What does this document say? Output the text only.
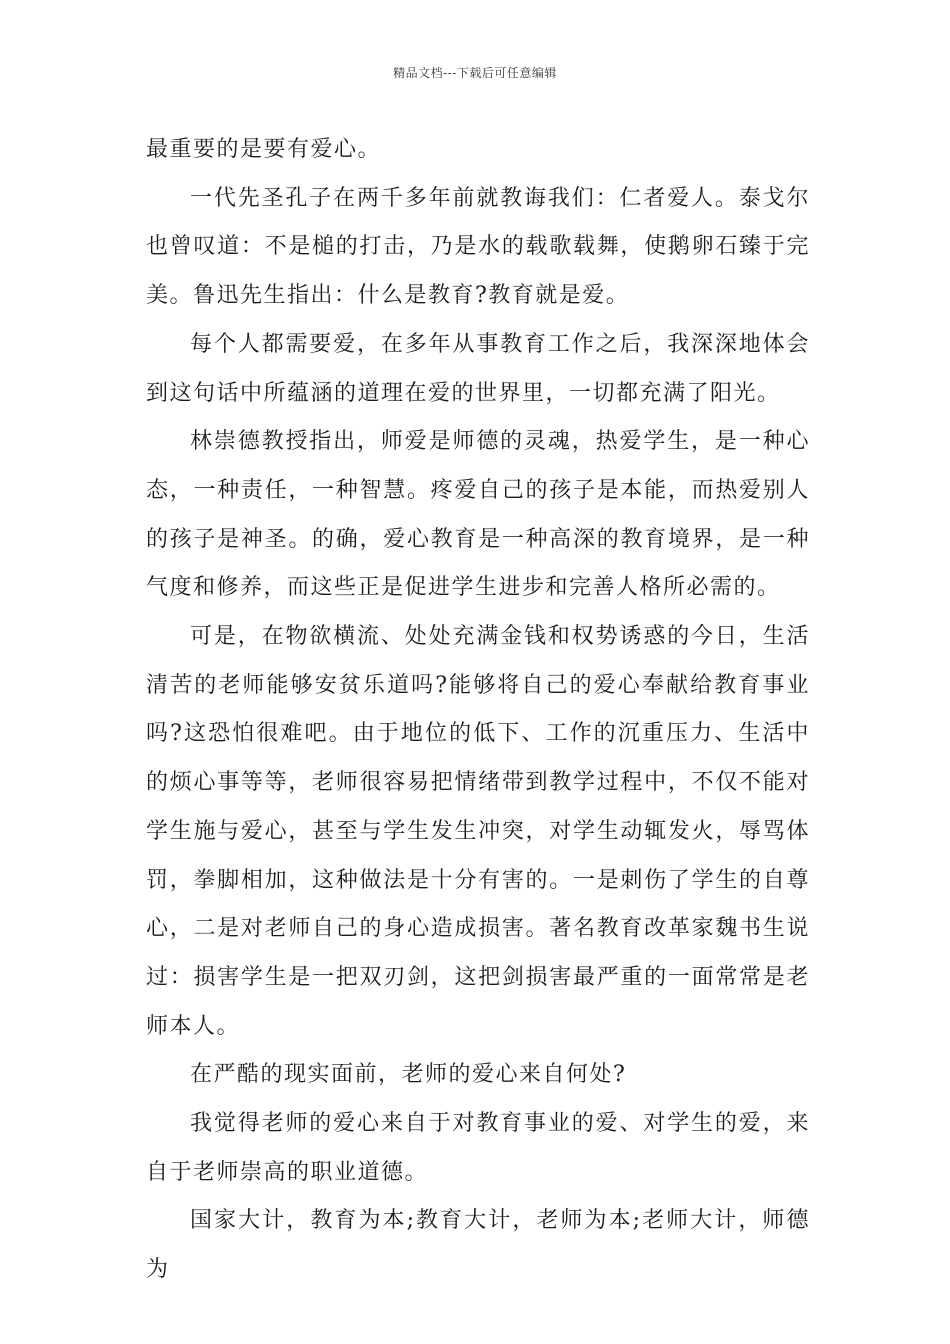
精品文档---下载后可任意编辑

最重要的是要有爱心。

一代先圣孔子在两千多年前就教诲我们：仁者爱人。泰戈尔也曾叹道：不是槌的打击，乃是水的载歌载舞，使鹅卵石臻于完美。鲁迅先生指出：什么是教育?教育就是爱。

每个人都需要爱，在多年从事教育工作之后，我深深地体会到这句话中所蕴涵的道理在爱的世界里，一切都充满了阳光。

林崇德教授指出，师爱是师德的灵魂，热爱学生，是一种心态，一种责任，一种智慧。疼爱自己的孩子是本能，而热爱别人的孩子是神圣。的确，爱心教育是一种高深的教育境界，是一种气度和修养，而这些正是促进学生进步和完善人格所必需的。

可是，在物欲横流、处处充满金钱和权势诱惑的今日，生活清苦的老师能够安贫乐道吗?能够将自己的爱心奉献给教育事业吗?这恐怕很难吧。由于地位的低下、工作的沉重压力、生活中的烦心事等等，老师很容易把情绪带到教学过程中，不仅不能对学生施与爱心，甚至与学生发生冲突，对学生动辄发火，辱骂体罚，拳脚相加，这种做法是十分有害的。一是刺伤了学生的自尊心，二是对老师自己的身心造成损害。著名教育改革家魏书生说过：损害学生是一把双刃剑，这把剑损害最严重的一面常常是老师本人。

在严酷的现实面前，老师的爱心来自何处?

我觉得老师的爱心来自于对教育事业的爱、对学生的爱，来自于老师崇高的职业道德。

国家大计，教育为本;教育大计，老师为本;老师大计，师德为
